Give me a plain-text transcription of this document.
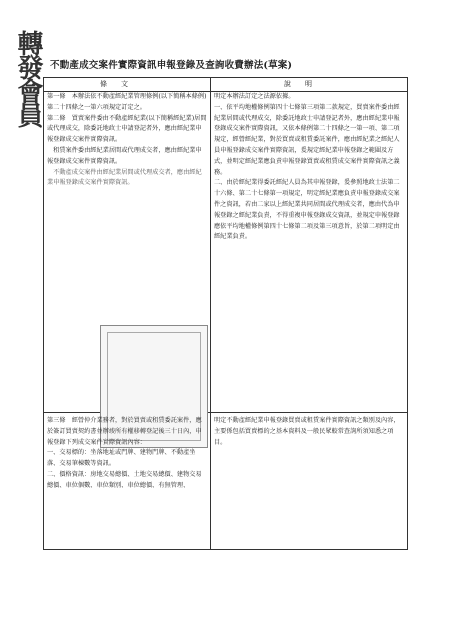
轉發會員 不動產成交案件實際資訊申報登錄及查詢收費辦法(草案)
條文	說明

第一條　本辦法依不動產經紀業管理條例(以下簡稱本條例)第二十四條之一第六項規定訂定之。

第二條　買賣案件委由不動產經紀業(以下簡稱經紀業)居間或代理成交，除委託地政士申請登記者外，應由經紀業申報登錄成交案件實際資訊。

　租賃案件委由經紀業居間或代理成交者，應由經紀業申報登錄成交案件實際資訊。

　不動產成交案件由經紀業居間或代理成交者，應由經紀業申報登錄成交案件實際資訊。

明定本辦法訂定之法源依據。

一、依平均地權條例第四十七條第三項第二款規定，買賣案件委由經紀業居間或代理成交，除委託地政士申請登記者外，應由經紀業申報登錄成交案件實際資訊，又依本條例第二十四條之一第一項、第二項規定，經營經紀業，對於買賣或租賃委託案件，應由經紀業之經紀人員申報登錄成交案件實際資訊，爰規定經紀業申報登錄之範圍及方式，並明定經紀業應負責申報登錄買賣或租賃成交案件實際資訊之義務。

二、由於經紀業得委託經紀人員為其申報登錄，爰參照地政士法第二十六條、第二十七條第一項規定，明定經紀業應負責申報登錄成交案件之資訊，若由二家以上經紀業共同居間或代理成交者，應由代為申報登錄之經紀業負責，不得重複申報登錄成交資訊，並規定申報登錄應依平均地權條例第四十七條第二項及第三項意旨，於第二項明定由經紀業負責。

第三條　經營仲介業務者，對於買賣或租賃委託案件，應於簽訂買賣契約書並辦竣所有權移轉登記後三十日內，申報登錄下列成交案件實際資訊內容：

一、交易標的：坐落地址或門牌、建物門牌、不動產坐落、交易筆棟數等資訊。

二、價格資訊：房地交易總價、土地交易總價、建物交易總價、車位個數、車位類別、車位總價、有無管理、

明定不動產經紀業申報登錄買賣或租賃案件實際資訊之類別及內容，主要係包括買賣標的之基本資料及一般民眾較常查詢所須知悉之項目。
